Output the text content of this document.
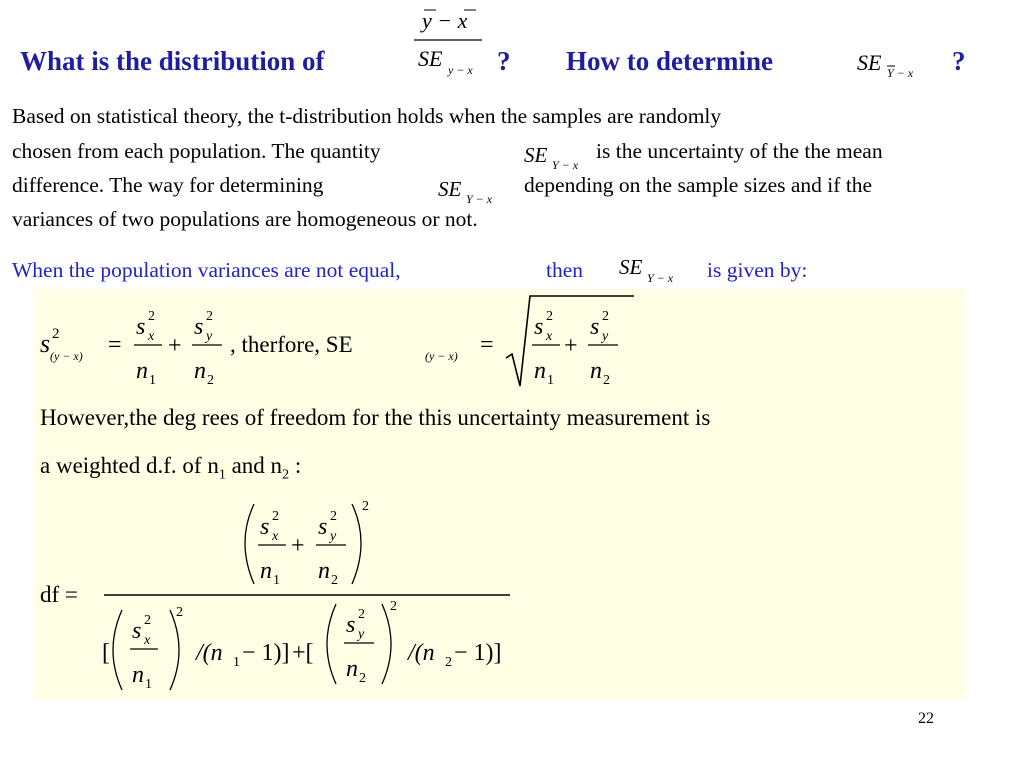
What is the distribution of
y − x
SE y − x ? How to determine	SE Y − x ?
Based on statistical theory, the t-distribution holds when the samples are randomly
chosen from each population. The quantity	SE Y − x
is the uncertainty of the the mean
difference. The way for determining	SE Y − x
depending on the sample sizes and if the
variances of two populations are homogeneous or not.
When the population variances are not equal,	then SE Y − x is given by:
s 2
(y − x) =
s 2
x
n 1
+
s 2
y
n 2
, therfore, SE	(y − x) =
s 2
x
n 1
+
s 2
y
n 2
However,the deg rees of freedom for the this uncertainty measurement is
a weighted d.f. of $n_1$ and $n_2$ :
df =
2
s 2
x
n 1
+
s 2
y
n 2
[
2
s 2
x
n 1
/(n 1 − 1)] +[
2
s 2
y
n 2
/(n 2 − 1)]
22
